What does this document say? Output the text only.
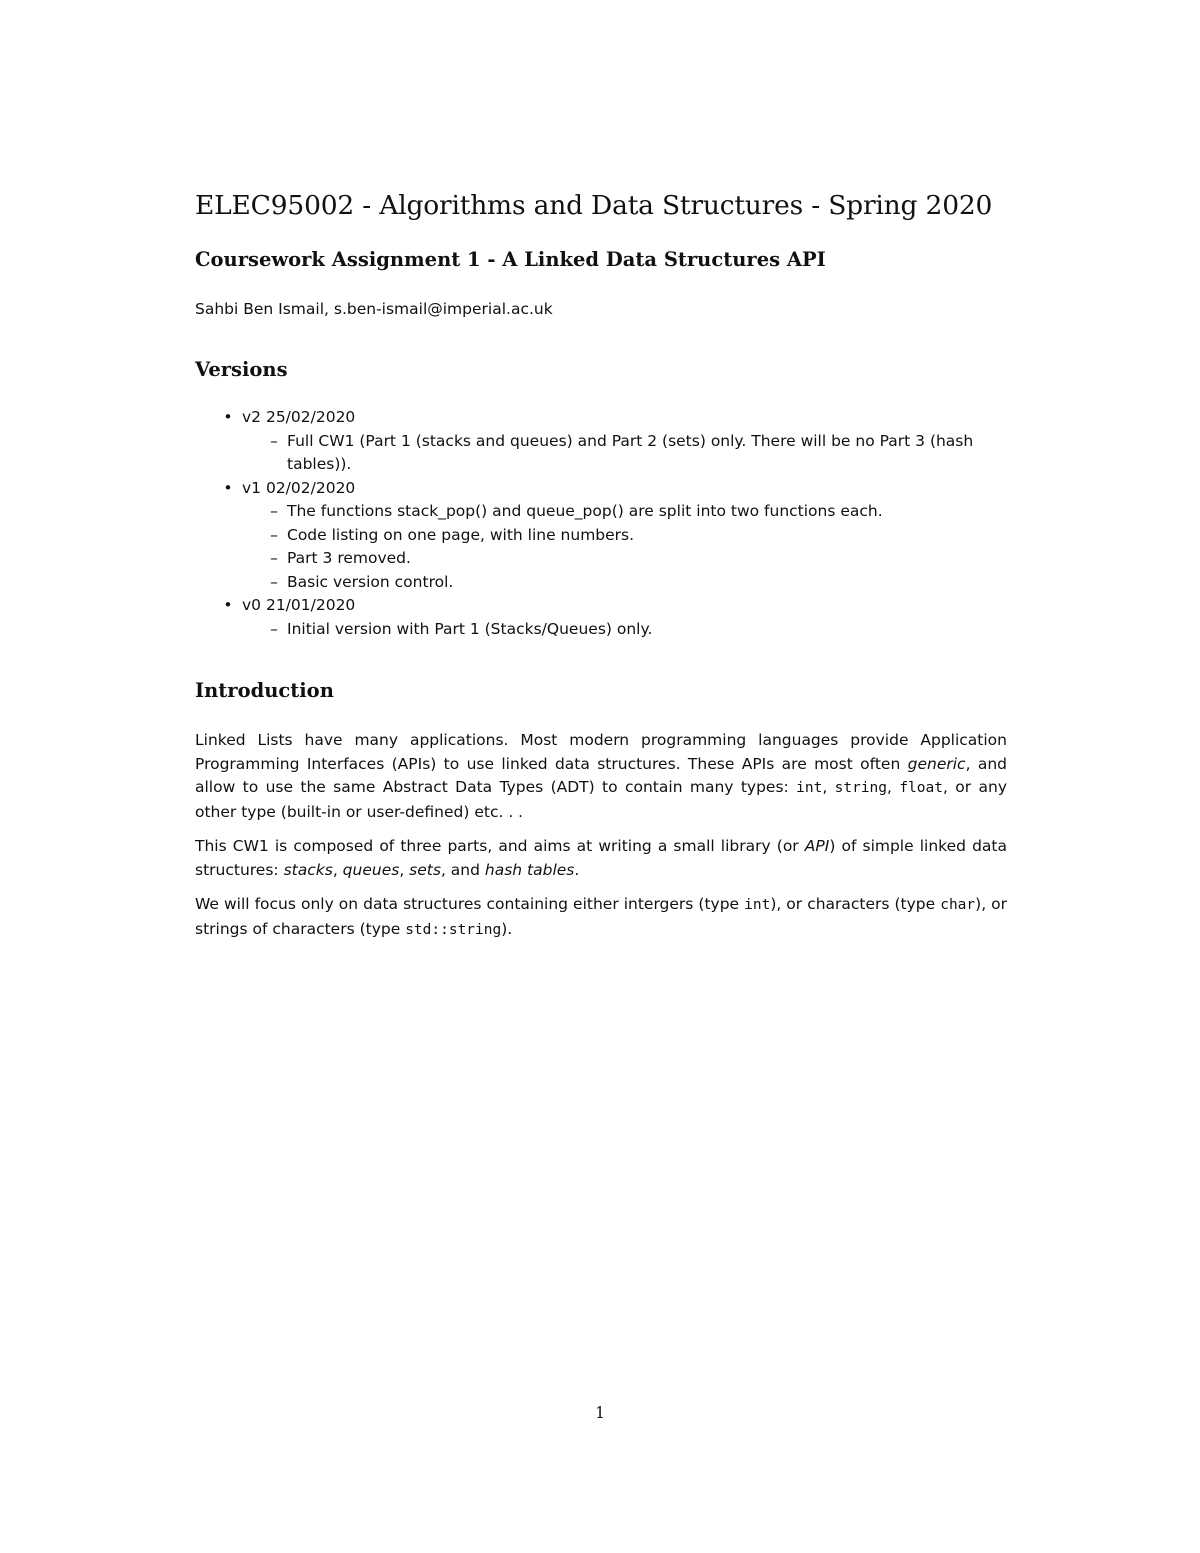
ELEC95002 - Algorithms and Data Structures - Spring 2020
Coursework Assignment 1 - A Linked Data Structures API

Sahbi Ben Ismail, s.ben-ismail@imperial.ac.uk

Versions
• v2 25/02/2020
– Full CW1 (Part 1 (stacks and queues) and Part 2 (sets) only. There will be no Part 3 (hash tables)).
• v1 02/02/2020
– The functions stack_pop() and queue_pop() are split into two functions each.
– Code listing on one page, with line numbers.
– Part 3 removed.
– Basic version control.
• v0 21/01/2020
– Initial version with Part 1 (Stacks/Queues) only.
Introduction

Linked Lists have many applications. Most modern programming languages provide Application Programming Interfaces (APIs) to use linked data structures. These APIs are most often generic, and allow to use the same Abstract Data Types (ADT) to contain many types: int, string, float, or any other type (built-in or user-defined) etc. . .

This CW1 is composed of three parts, and aims at writing a small library (or API) of simple linked data structures: stacks, queues, sets, and hash tables.

We will focus only on data structures containing either intergers (type int), or characters (type char), or strings of characters (type std::string).

1
